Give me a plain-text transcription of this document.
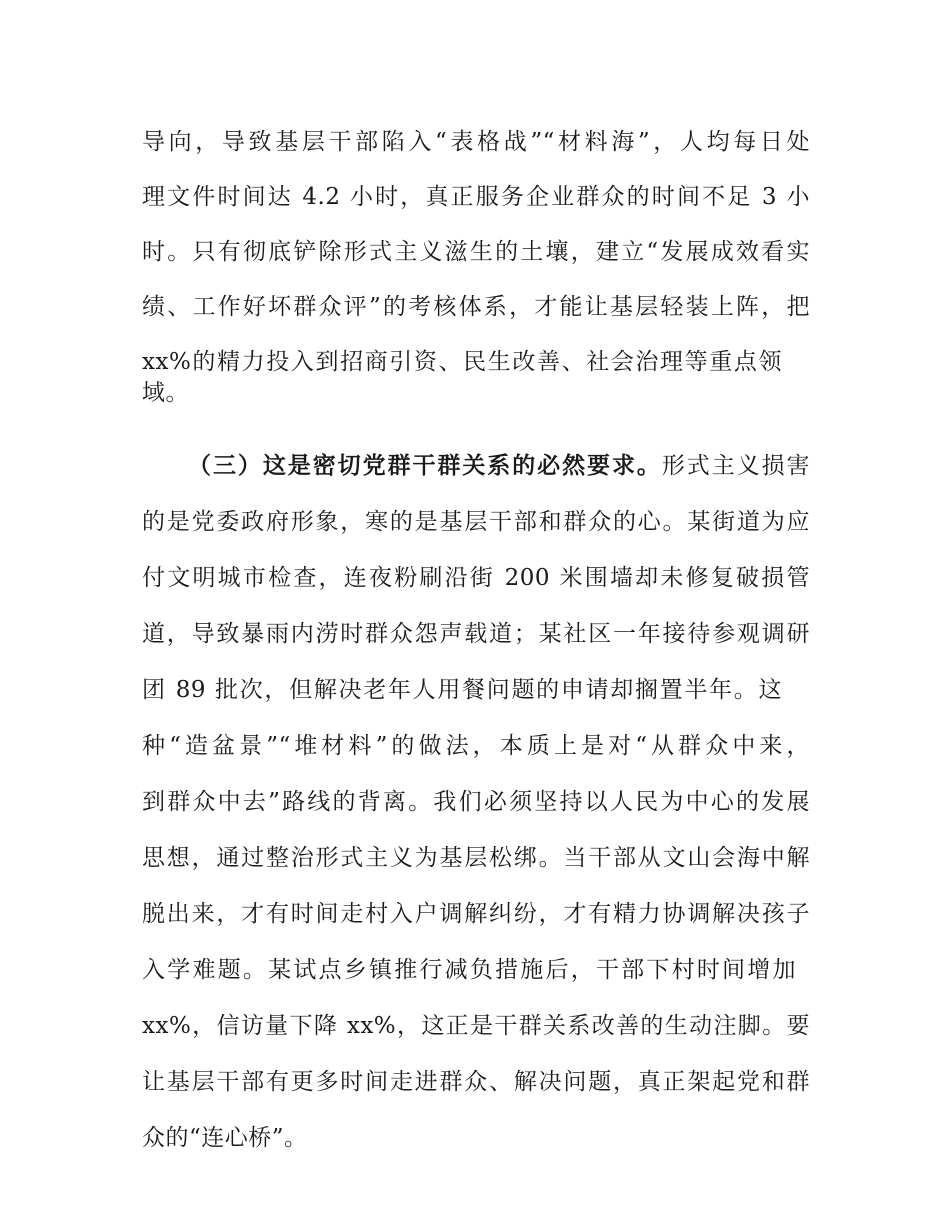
导向，导致基层干部陷入“表格战”“材料海”，人均每日处
理文件时间达 4.2 小时，真正服务企业群众的时间不足 3 小
时。只有彻底铲除形式主义滋生的土壤，建立“发展成效看实
绩、工作好坏群众评”的考核体系，才能让基层轻装上阵，把
xx%的精力投入到招商引资、民生改善、社会治理等重点领
域。
（三）这是密切党群干群关系的必然要求。形式主义损害
的是党委政府形象，寒的是基层干部和群众的心。某街道为应
付文明城市检查，连夜粉刷沿街 200 米围墙却未修复破损管
道，导致暴雨内涝时群众怨声载道；某社区一年接待参观调研
团 89 批次，但解决老年人用餐问题的申请却搁置半年。这
种“造盆景”“堆材料”的做法，本质上是对“从群众中来，
到群众中去”路线的背离。我们必须坚持以人民为中心的发展
思想，通过整治形式主义为基层松绑。当干部从文山会海中解
脱出来，才有时间走村入户调解纠纷，才有精力协调解决孩子
入学难题。某试点乡镇推行减负措施后，干部下村时间增加
xx%，信访量下降 xx%，这正是干群关系改善的生动注脚。要
让基层干部有更多时间走进群众、解决问题，真正架起党和群
众的“连心桥”。
